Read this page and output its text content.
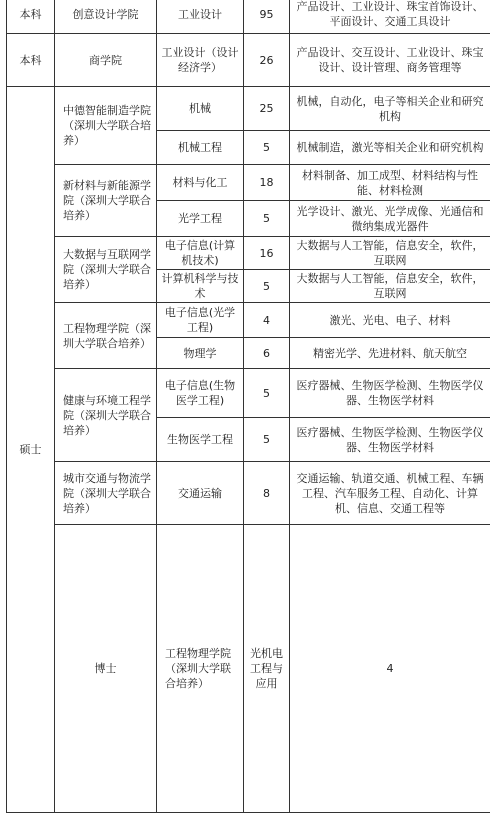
本科	创意设计学院	工业设计	95	产品设计、工业设计、珠宝首饰设计、平面设计、交通工具设计	
本科	商学院	工业设计（设计经济学）	26	产品设计、交互设计、工业设计、珠宝设计、设计管理、商务管理等	
硕士	中德智能制造学院（深圳大学联合培养）	机械	25	机械，自动化，电子等相关企业和研究机构	
		机械工程	5	机械制造，激光等相关企业和研究机构	
	新材料与新能源学院（深圳大学联合培养）	材料与化工	18	材料制备、加工成型、材料结构与性能、材料检测	
		光学工程	5	光学设计、激光、光学成像、光通信和微纳集成光器件	
	大数据与互联网学院（深圳大学联合培养）	电子信息(计算机技术)	16	大数据与人工智能，信息安全，软件，互联网	
		计算机科学与技术	5	大数据与人工智能，信息安全，软件，互联网	
	工程物理学院（深圳大学联合培养）	电子信息(光学工程)	4	激光、光电、电子、材料	
		物理学	6	精密光学、先进材料、航天航空	
	健康与环境工程学院（深圳大学联合培养）	电子信息(生物医学工程)	5	医疗器械、生物医学检测、生物医学仪器、生物医学材料	
		生物医学工程	5	医疗器械、生物医学检测、生物医学仪器、生物医学材料	
	城市交通与物流学院（深圳大学联合培养）	交通运输	8	交通运输、轨道交通、机械工程、车辆工程、汽车服务工程、自动化、计算机、信息、交通工程等	
	博士	工程物理学院（深圳大学联合培养）	光机电工程与应用	4	
